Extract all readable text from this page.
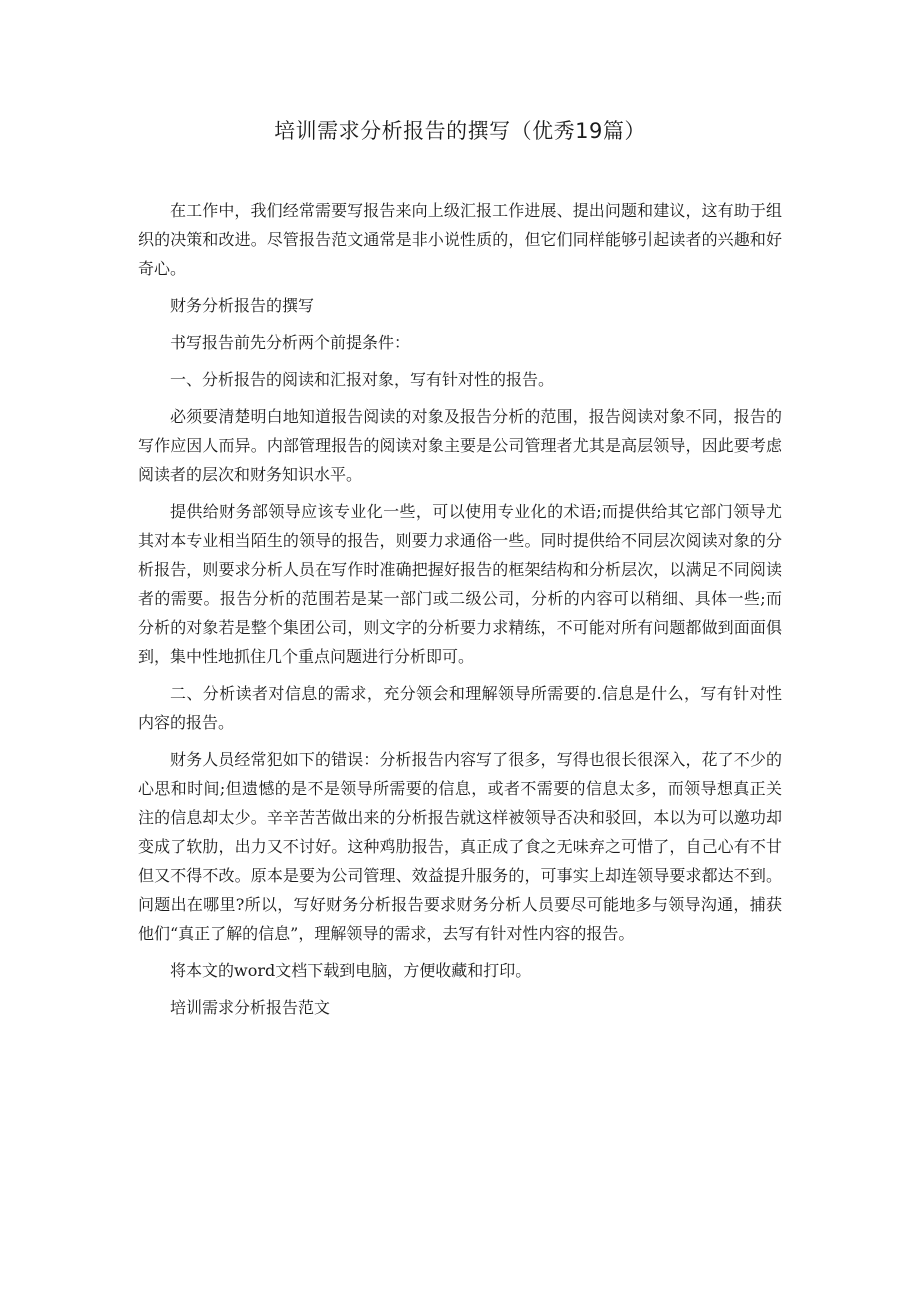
培训需求分析报告的撰写（优秀19篇）

在工作中，我们经常需要写报告来向上级汇报工作进展、提出问题和建议，这有助于组织的决策和改进。尽管报告范文通常是非小说性质的，但它们同样能够引起读者的兴趣和好奇心。

财务分析报告的撰写

书写报告前先分析两个前提条件：

一、分析报告的阅读和汇报对象，写有针对性的报告。

必须要清楚明白地知道报告阅读的对象及报告分析的范围，报告阅读对象不同，报告的写作应因人而异。内部管理报告的阅读对象主要是公司管理者尤其是高层领导，因此要考虑阅读者的层次和财务知识水平。

提供给财务部领导应该专业化一些，可以使用专业化的术语;而提供给其它部门领导尤其对本专业相当陌生的领导的报告，则要力求通俗一些。同时提供给不同层次阅读对象的分析报告，则要求分析人员在写作时准确把握好报告的框架结构和分析层次，以满足不同阅读者的需要。报告分析的范围若是某一部门或二级公司，分析的内容可以稍细、具体一些;而分析的对象若是整个集团公司，则文字的分析要力求精练，不可能对所有问题都做到面面俱到，集中性地抓住几个重点问题进行分析即可。

二、分析读者对信息的需求，充分领会和理解领导所需要的.信息是什么，写有针对性内容的报告。

财务人员经常犯如下的错误：分析报告内容写了很多，写得也很长很深入，花了不少的心思和时间;但遗憾的是不是领导所需要的信息，或者不需要的信息太多，而领导想真正关注的信息却太少。辛辛苦苦做出来的分析报告就这样被领导否决和驳回，本以为可以邀功却变成了软肋，出力又不讨好。这种鸡肋报告，真正成了食之无味弃之可惜了，自己心有不甘但又不得不改。原本是要为公司管理、效益提升服务的，可事实上却连领导要求都达不到。问题出在哪里?所以，写好财务分析报告要求财务分析人员要尽可能地多与领导沟通，捕获他们“真正了解的信息”，理解领导的需求，去写有针对性内容的报告。

将本文的word文档下载到电脑，方便收藏和打印。

培训需求分析报告范文
